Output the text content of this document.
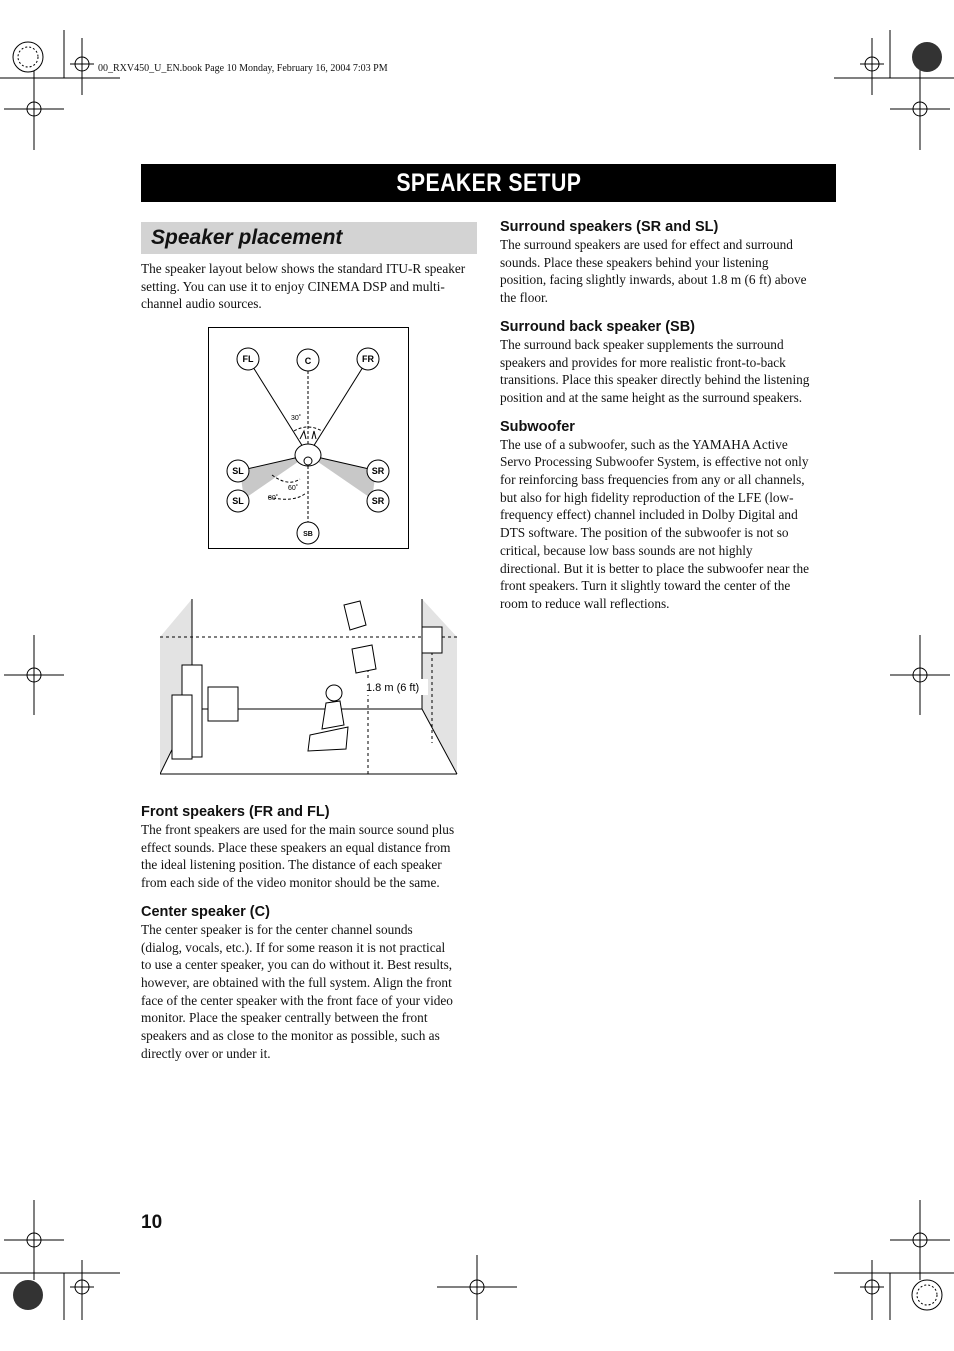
00_RXV450_U_EN.book Page 10 Monday, February 16, 2004 7:03 PM
SPEAKER SETUP
Speaker placement
The speaker layout below shows the standard ITU-R speaker setting. You can use it to enjoy CINEMA DSP and multi-channel audio sources.
FL	C	FR
SL
SL
SR
SR
SB
30˚
60˚
80˚
1.8 m (6 ft)
Front speakers (FR and FL)
The front speakers are used for the main source sound plus
effect sounds. Place these speakers an equal distance from
the ideal listening position. The distance of each speaker
from each side of the video monitor should be the same.
Center speaker (C)
The center speaker is for the center channel sounds
(dialog, vocals, etc.). If for some reason it is not practical
to use a center speaker, you can do without it. Best results,
however, are obtained with the full system. Align the front
face of the center speaker with the front face of your video
monitor. Place the speaker centrally between the front
speakers and as close to the monitor as possible, such as
directly over or under it.
Surround speakers (SR and SL)
The surround speakers are used for effect and surround
sounds. Place these speakers behind your listening
position, facing slightly inwards, about 1.8 m (6 ft) above
the floor.
Surround back speaker (SB)
The surround back speaker supplements the surround
speakers and provides for more realistic front-to-back
transitions. Place this speaker directly behind the listening
position and at the same height as the surround speakers.
Subwoofer
The use of a subwoofer, such as the YAMAHA Active
Servo Processing Subwoofer System, is effective not only
for reinforcing bass frequencies from any or all channels,
but also for high fidelity reproduction of the LFE (low-
frequency effect) channel included in Dolby Digital and
DTS software. The position of the subwoofer is not so
critical, because low bass sounds are not highly
directional. But it is better to place the subwoofer near the
front speakers. Turn it slightly toward the center of the
room to reduce wall reflections.
10
